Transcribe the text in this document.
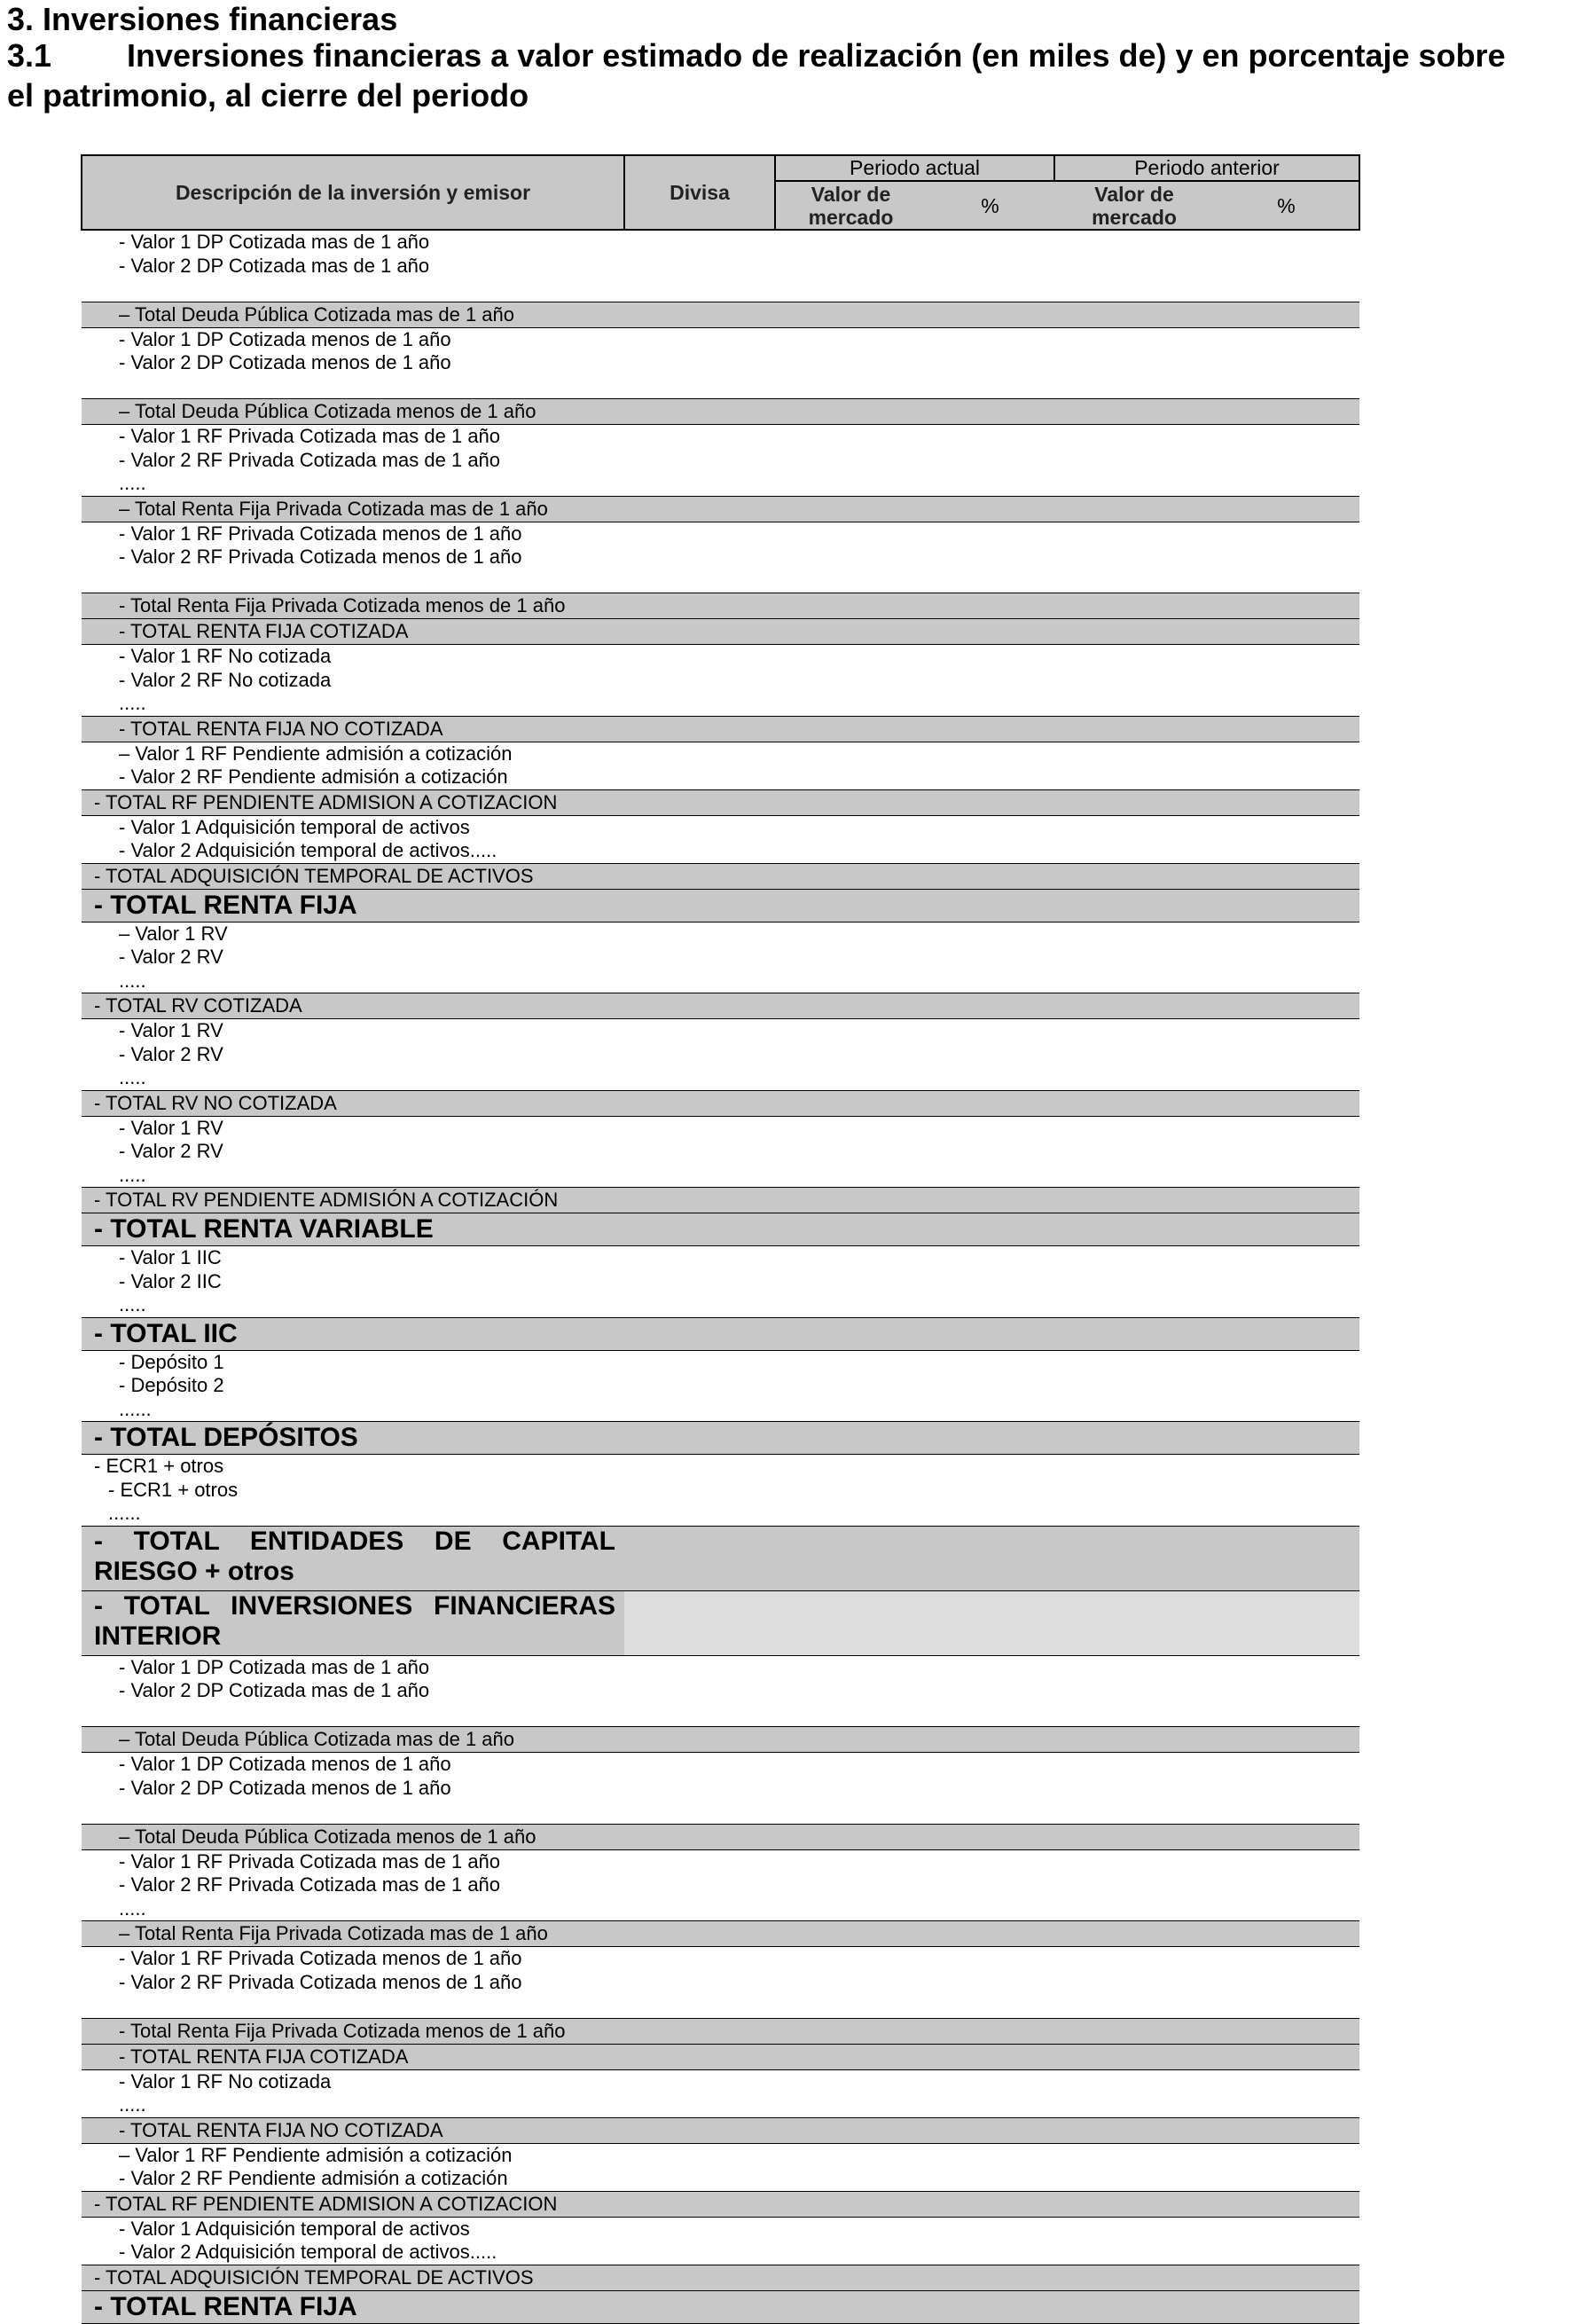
3. Inversiones financieras
3.1 Inversiones financieras a valor estimado de realización (en miles de) y en porcentaje sobre
el patrimonio, al cierre del periodo
Descripción de la inversión y emisor	Divisa	Periodo actual		Periodo anterior	
		Valor de mercado	%	Valor de mercado	%

- Valor 1 DP Cotizada mas de 1 año
- Valor 2 DP Cotizada mas de 1 año					

– Total Deuda Pública Cotizada mas de 1 año					

- Valor 1 DP Cotizada menos de 1 año
- Valor 2 DP Cotizada menos de 1 año					

– Total Deuda Pública Cotizada menos de 1 año					

- Valor 1 RF Privada Cotizada mas de 1 año
- Valor 2 RF Privada Cotizada mas de 1 año
.....					

– Total Renta Fija Privada Cotizada mas de 1 año					

- Valor 1 RF Privada Cotizada menos de 1 año
- Valor 2 RF Privada Cotizada menos de 1 año					

- Total Renta Fija Privada Cotizada menos de 1 año					
- TOTAL RENTA FIJA COTIZADA					

- Valor 1 RF No cotizada
- Valor 2 RF No cotizada
.....					

- TOTAL RENTA FIJA NO COTIZADA					

– Valor 1 RF Pendiente admisión a cotización
- Valor 2 RF Pendiente admisión a cotización					

- TOTAL RF PENDIENTE ADMISION A COTIZACION					

- Valor 1 Adquisición temporal de activos
- Valor 2 Adquisición temporal de activos.....					

- TOTAL ADQUISICIÓN TEMPORAL DE ACTIVOS					
- TOTAL RENTA FIJA					

– Valor 1 RV
- Valor 2 RV
.....					

- TOTAL RV COTIZADA					

- Valor 1 RV
- Valor 2 RV
.....					

- TOTAL RV NO COTIZADA					

- Valor 1 RV
- Valor 2 RV
.....					

- TOTAL RV PENDIENTE ADMISIÓN A COTIZACIÓN					
- TOTAL RENTA VARIABLE					

- Valor 1 IIC
- Valor 2 IIC
.....					

- TOTAL IIC					

- Depósito 1
- Depósito 2
......					

- TOTAL DEPÓSITOS					

- ECR1 + otros
- ECR1 + otros
......					

- TOTAL ENTIDADES DE CAPITAL RIESGO + otros					
- TOTAL INVERSIONES FINANCIERAS INTERIOR					

- Valor 1 DP Cotizada mas de 1 año
- Valor 2 DP Cotizada mas de 1 año					

– Total Deuda Pública Cotizada mas de 1 año					

- Valor 1 DP Cotizada menos de 1 año
- Valor 2 DP Cotizada menos de 1 año					

– Total Deuda Pública Cotizada menos de 1 año					

- Valor 1 RF Privada Cotizada mas de 1 año
- Valor 2 RF Privada Cotizada mas de 1 año
.....					

– Total Renta Fija Privada Cotizada mas de 1 año					

- Valor 1 RF Privada Cotizada menos de 1 año
- Valor 2 RF Privada Cotizada menos de 1 año					

- Total Renta Fija Privada Cotizada menos de 1 año					
- TOTAL RENTA FIJA COTIZADA					

- Valor 1 RF No cotizada
.....					

- TOTAL RENTA FIJA NO COTIZADA					

– Valor 1 RF Pendiente admisión a cotización
- Valor 2 RF Pendiente admisión a cotización					

- TOTAL RF PENDIENTE ADMISION A COTIZACION					

- Valor 1 Adquisición temporal de activos
- Valor 2 Adquisición temporal de activos.....					

- TOTAL ADQUISICIÓN TEMPORAL DE ACTIVOS					
- TOTAL RENTA FIJA					
